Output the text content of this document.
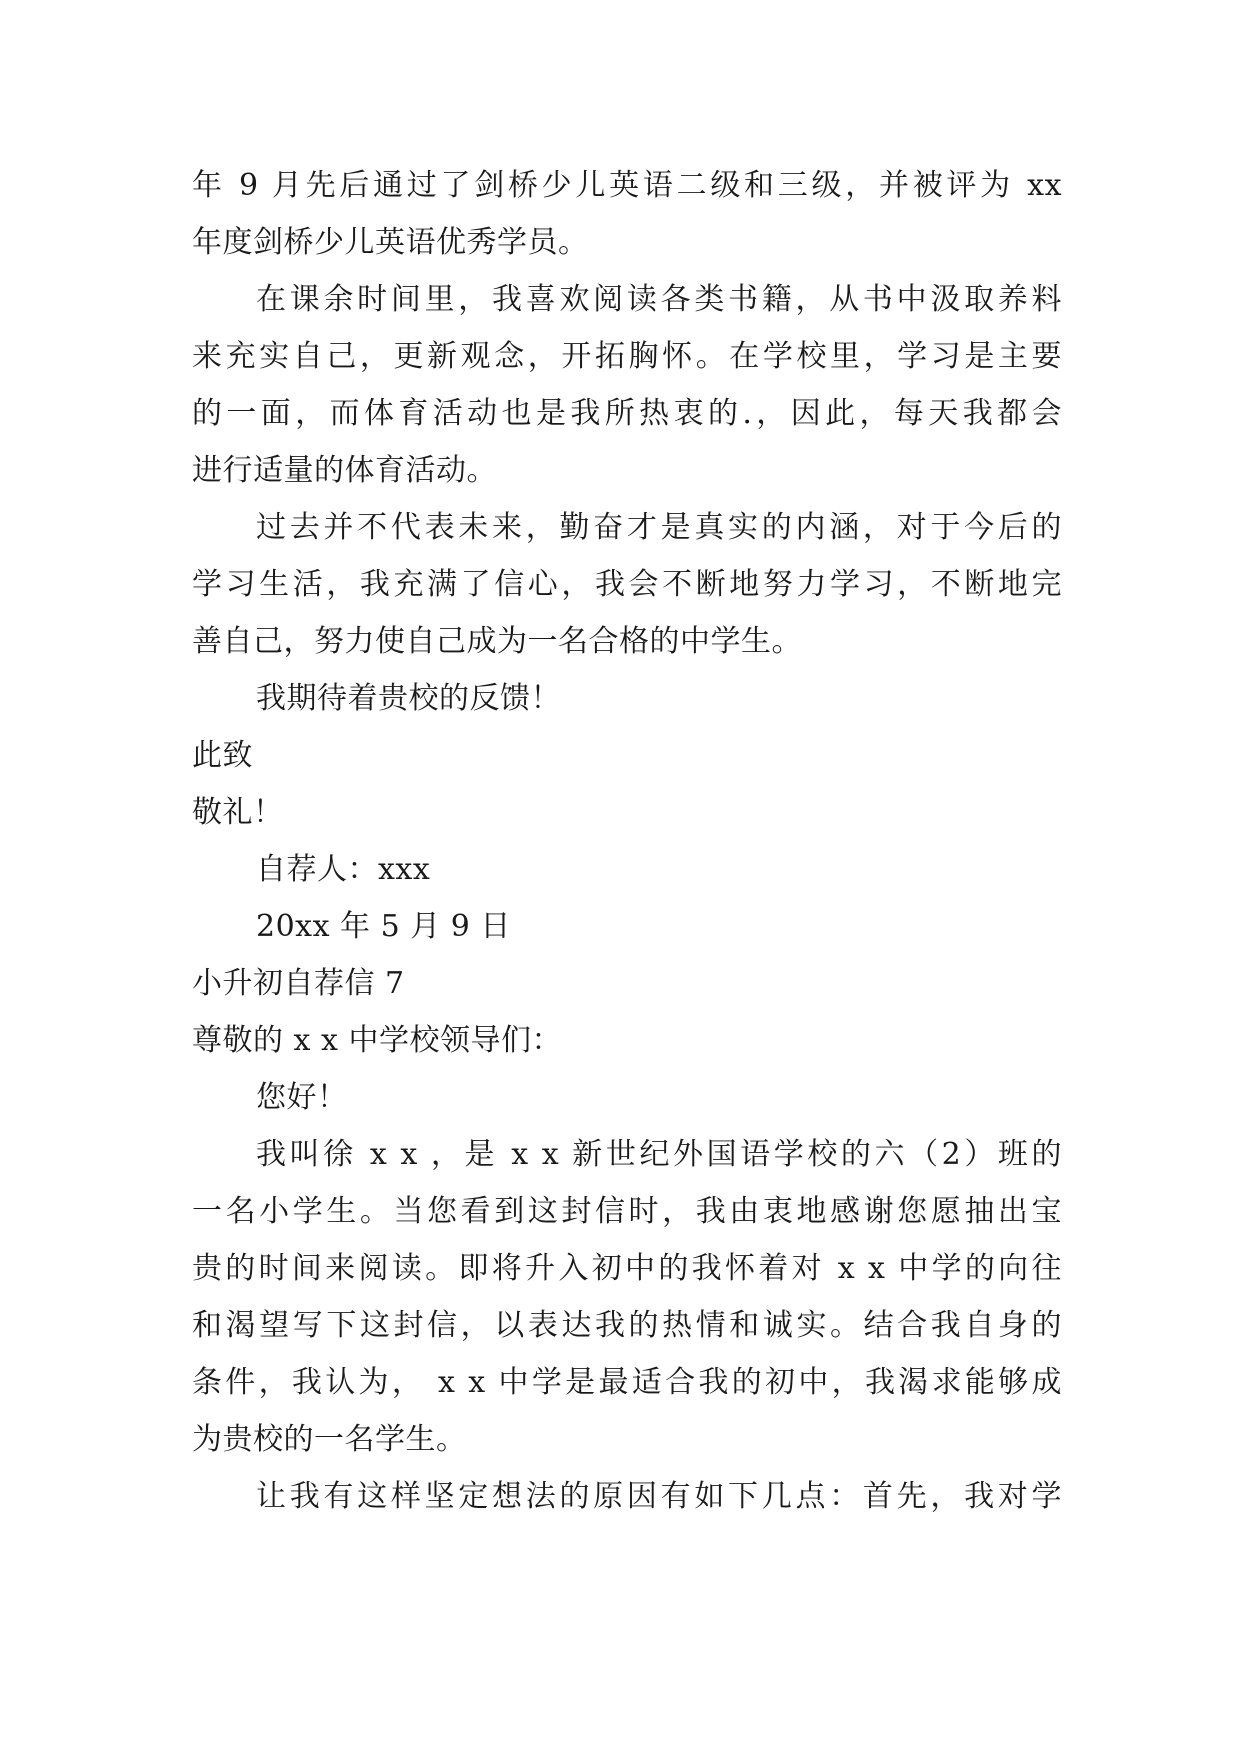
年 9 月先后通过了剑桥少儿英语二级和三级，并被评为 xx
年度剑桥少儿英语优秀学员。
在课余时间里，我喜欢阅读各类书籍，从书中汲取养料
来充实自己，更新观念，开拓胸怀。在学校里，学习是主要
的一面，而体育活动也是我所热衷的.，因此，每天我都会
进行适量的体育活动。
过去并不代表未来，勤奋才是真实的内涵，对于今后的
学习生活，我充满了信心，我会不断地努力学习，不断地完
善自己，努力使自己成为一名合格的中学生。
我期待着贵校的反馈！
此致
敬礼！
自荐人：xxx
20xx 年 5 月 9 日
小升初自荐信 7
尊敬的 x x 中学校领导们：
您好！
我叫徐 x x ，是 x x 新世纪外国语学校的六（2）班的
一名小学生。当您看到这封信时，我由衷地感谢您愿抽出宝
贵的时间来阅读。即将升入初中的我怀着对 x x 中学的向往
和渴望写下这封信，以表达我的热情和诚实。结合我自身的
条件，我认为， x x 中学是最适合我的初中，我渴求能够成
为贵校的一名学生。
让我有这样坚定想法的原因有如下几点：首先，我对学
